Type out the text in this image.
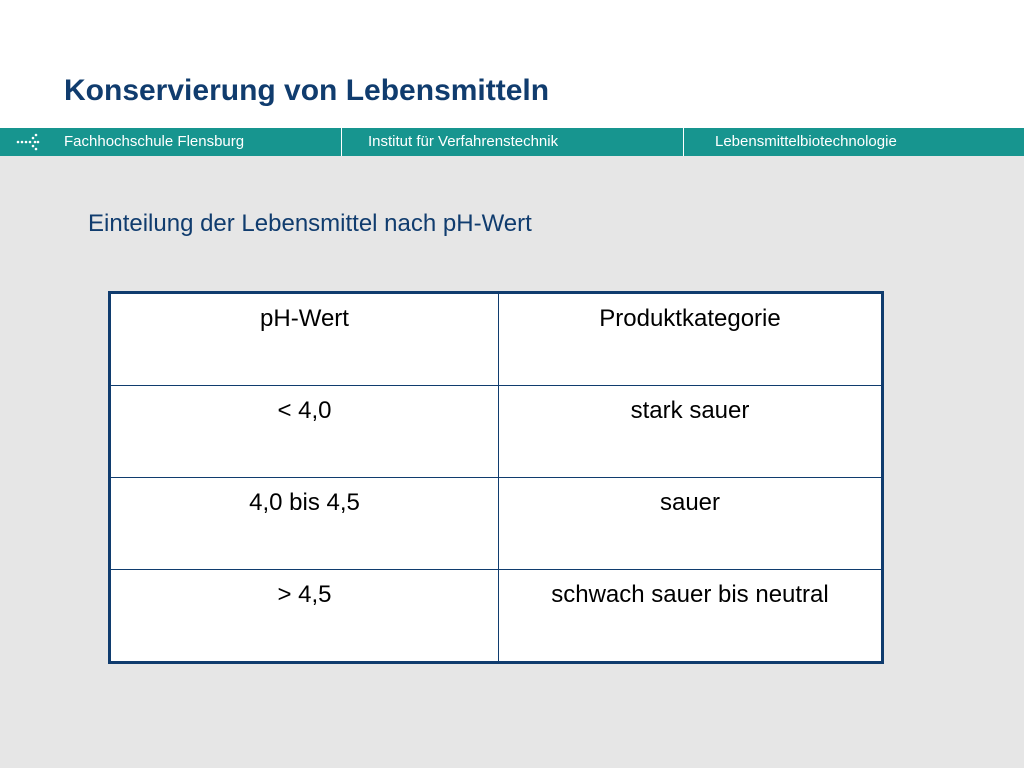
Konservierung von Lebensmitteln
Fachhochschule Flensburg	Institut für Verfahrenstechnik	Lebensmittelbiotechnologie
Einteilung der Lebensmittel nach pH-Wert
pH-Wert	Produktkategorie
< 4,0	stark sauer
4,0 bis 4,5	sauer
> 4,5	schwach sauer bis neutral
